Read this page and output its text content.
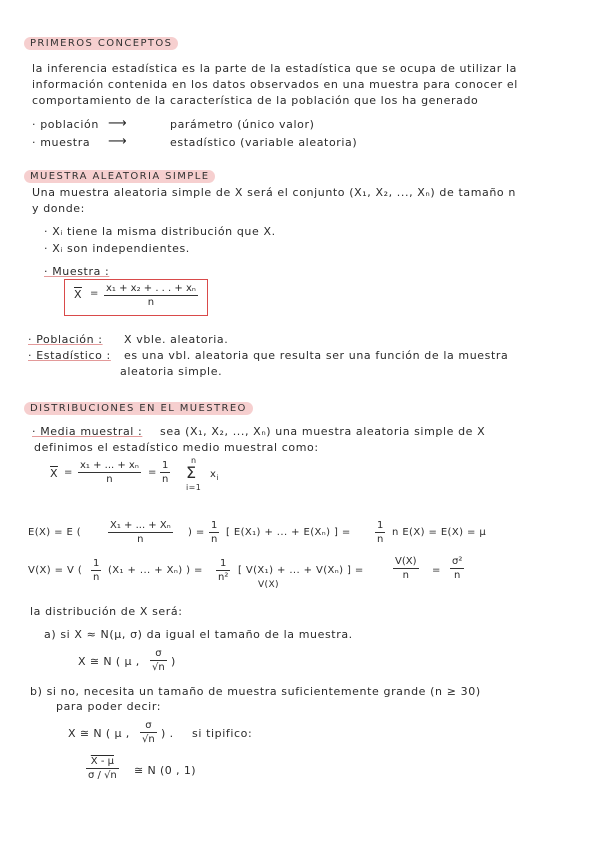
PRIMEROS CONCEPTOS
la inferencia estadística es la parte de la estadística que se ocupa de utilizar la
información contenida en los datos observados en una muestra para conocer el
comportamiento de la característica de la población que los ha generado
· población ⟶	parámetro (único valor)
· muestra ⟶	estadístico (variable aleatoria)
MUESTRA ALEATORIA SIMPLE
Una muestra aleatoria simple de X será el conjunto (X₁, X₂, ..., Xₙ) de tamaño n
y donde:
· Xᵢ tiene la misma distribución que X.
· Xᵢ son independientes.
· Muestra :
$\overline{X} = x_1 + x_2$ + . . . + xₙ
n
· Población : X vble. aleatoria.
· Estadístico : es una vbl. aleatoria que resulta ser una función de la muestra
aleatoria simple.
DISTRIBUCIONES EN EL MUESTREO
· Media muestral : sea (X₁, X₂, ..., Xₙ) una muestra aleatoria simple de X
definimos el estadístico medio muestral como:
$\overline{X}$ =
x₁ + ... + xₙ
n
=
1
n
n
Σ
i=1
$x_i$
E(X) = E (
X₁ + ... + Xₙ
n
) =
1
n
[ E(X₁) + ... + E(Xₙ) ] =
1
n
n E(X) = E(X) = μ
V(X) = V (
1
n
(X₁ + ... + Xₙ) ) =
1
n²
[ V(X₁) + ... + V(Xₙ) ] =
V(X)
V(X)
n =
σ²
n
la distribución de X será:
a) si X ≈ N(μ, σ) da igual el tamaño de la muestra.
X ≅ N ( μ ,
σ
√n )
b) si no, necesita un tamaño de muestra suficientemente grande (n ≥ 30)
para poder decir:
X ≅ N ( μ ,
σ
√n ) . si tipifico:
X - μ
σ / √n ≅ N (0 , 1)
